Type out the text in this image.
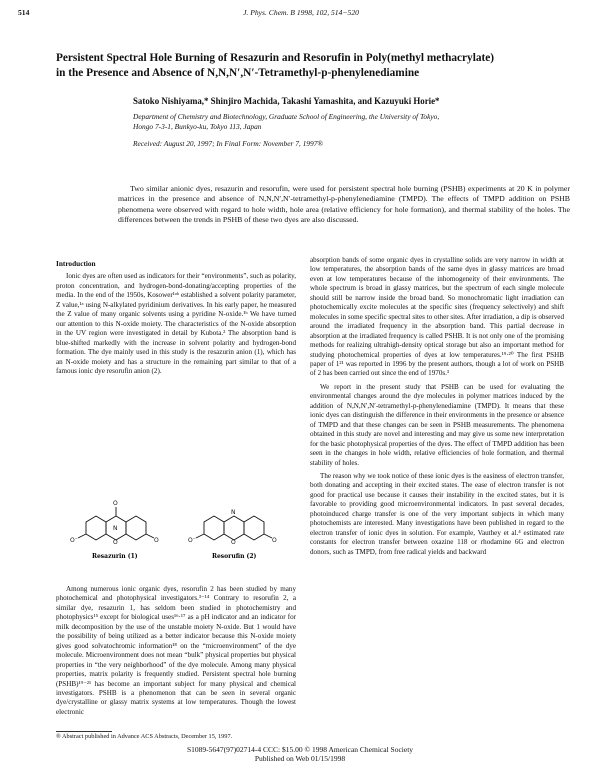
514	J. Phys. Chem. B 1998, 102, 514−520
Persistent Spectral Hole Burning of Resazurin and Resorufin in Poly(methyl methacrylate)
in the Presence and Absence of N,N,N′,N′-Tetramethyl-p-phenylenediamine
Satoko Nishiyama,* Shinjiro Machida, Takashi Yamashita, and Kazuyuki Horie*
Department of Chemistry and Biotechnology, Graduate School of Engineering, the University of Tokyo,
Hongo 7-3-1, Bunkyo-ku, Tokyo 113, Japan
Received: August 20, 1997; In Final Form: November 7, 1997®
Two similar anionic dyes, resazurin and resorufin, were used for persistent spectral hole burning (PSHB) experiments at 20 K in polymer matrices in the presence and absence of N,N,N′,N′-tetramethyl-p-phenylenediamine (TMPD). The effects of TMPD addition on PSHB phenomena were observed with regard to hole width, hole area (relative efficiency for hole formation), and thermal stability of the holes. The differences between the trends in PSHB of these two dyes are also discussed.
Introduction

Ionic dyes are often used as indicators for their “environments”, such as polarity, proton concentration, and hydrogen-bond-donating/accepting properties of the media. In the end of the 1950s, Kosower¹ᵃᵇ established a solvent polarity parameter, Z value,¹ᵃ using N-alkylated pyridinium derivatives. In his early paper, he measured the Z value of many organic solvents using a pyridine N-oxide.¹ᵇ We have turned our attention to this N-oxide moiety. The characteristics of the N-oxide absorption in the UV region were investigated in detail by Kubota.² The absorption band is blue-shifted markedly with the increase in solvent polarity and hydrogen-bond formation. The dye mainly used in this study is the resazurin anion (1), which has an N-oxide moiety and has a structure in the remaining part similar to that of a famous ionic dye resorufin anion (2).

O
N
O
O⁻	O
N
O
O⁻	O
Resazurin (1)	Resorufin (2)

Among numerous ionic organic dyes, resorufin 2 has been studied by many photochemical and photophysical investigators.³⁻¹⁴ Contrary to resorufin 2, a similar dye, resazurin 1, has seldom been studied in photochemistry and photophysics¹⁵ except for biological uses¹⁶·¹⁷ as a pH indicator and an indicator for milk decomposition by the use of the unstable moiety N-oxide. But 1 would have the possibility of being utilized as a better indicator because this N-oxide moiety gives good solvatochromic information¹⁸ on the “microenvironment” of the dye molecule. Microenvironment does not mean “bulk” physical properties but physical properties in “the very neighborhood” of the dye molecule. Among many physical properties, matrix polarity is frequently studied. Persistent spectral hole burning (PSHB)¹⁹⁻²¹ has become an important subject for many physical and chemical investigators. PSHB is a phenomenon that can be seen in several organic dye/crystalline or glassy matrix systems at low temperatures. Though the lowest electronic

absorption bands of some organic dyes in crystalline solids are very narrow in width at low temperatures, the absorption bands of the same dyes in glassy matrices are broad even at low temperatures because of the inhomogeneity of their environments. The whole spectrum is broad in glassy matrices, but the spectrum of each single molecule should still be narrow inside the broad band. So monochromatic light irradiation can photochemically excite molecules at the specific sites (frequency selectively) and shift molecules in some specific spectral sites to other sites. After irradiation, a dip is observed around the irradiated frequency in the absorption band. This partial decrease in absorption at the irradiated frequency is called PSHB. It is not only one of the promising methods for realizing ultrahigh-density optical storage but also an important method for studying photochemical properties of dyes at low temperatures.¹⁹·²⁰ The first PSHB paper of 1²¹ was reported in 1996 by the present authors, though a lot of work on PSHB of 2 has been carried out since the end of 1970s.³

We report in the present study that PSHB can be used for evaluating the environmental changes around the dye molecules in polymer matrices induced by the addition of N,N,N′,N′-tetramethyl-p-phenylenediamine (TMPD). It means that these ionic dyes can distinguish the difference in their environments in the presence or absence of TMPD and that these changes can be seen in PSHB measurements. The phenomena obtained in this study are novel and interesting and may give us some new interpretation for the basic photophysical properties of the dyes. The effect of TMPD addition has been seen in the changes in hole width, relative efficiencies of hole formation, and thermal stability of holes.

The reason why we took notice of these ionic dyes is the easiness of electron transfer, both donating and accepting in their excited states. The ease of electron transfer is not good for practical use because it causes their instability in the excited states, but it is favorable to providing good microenvironmental indicators. In past several decades, photoinduced charge transfer is one of the very important subjects in which many photochemists are interested. Many investigations have been published in regard to the electron transfer of ionic dyes in solution. For example, Vauthey et al.⁴ estimated rate constants for electron transfer between oxazine 118 or rhodamine 6G and electron donors, such as TMPD, from free radical yields and backward

® Abstract published in Advance ACS Abstracts, December 15, 1997.
S1089-5647(97)02714-4 CCC: $15.00 © 1998 American Chemical Society
Published on Web 01/15/1998
